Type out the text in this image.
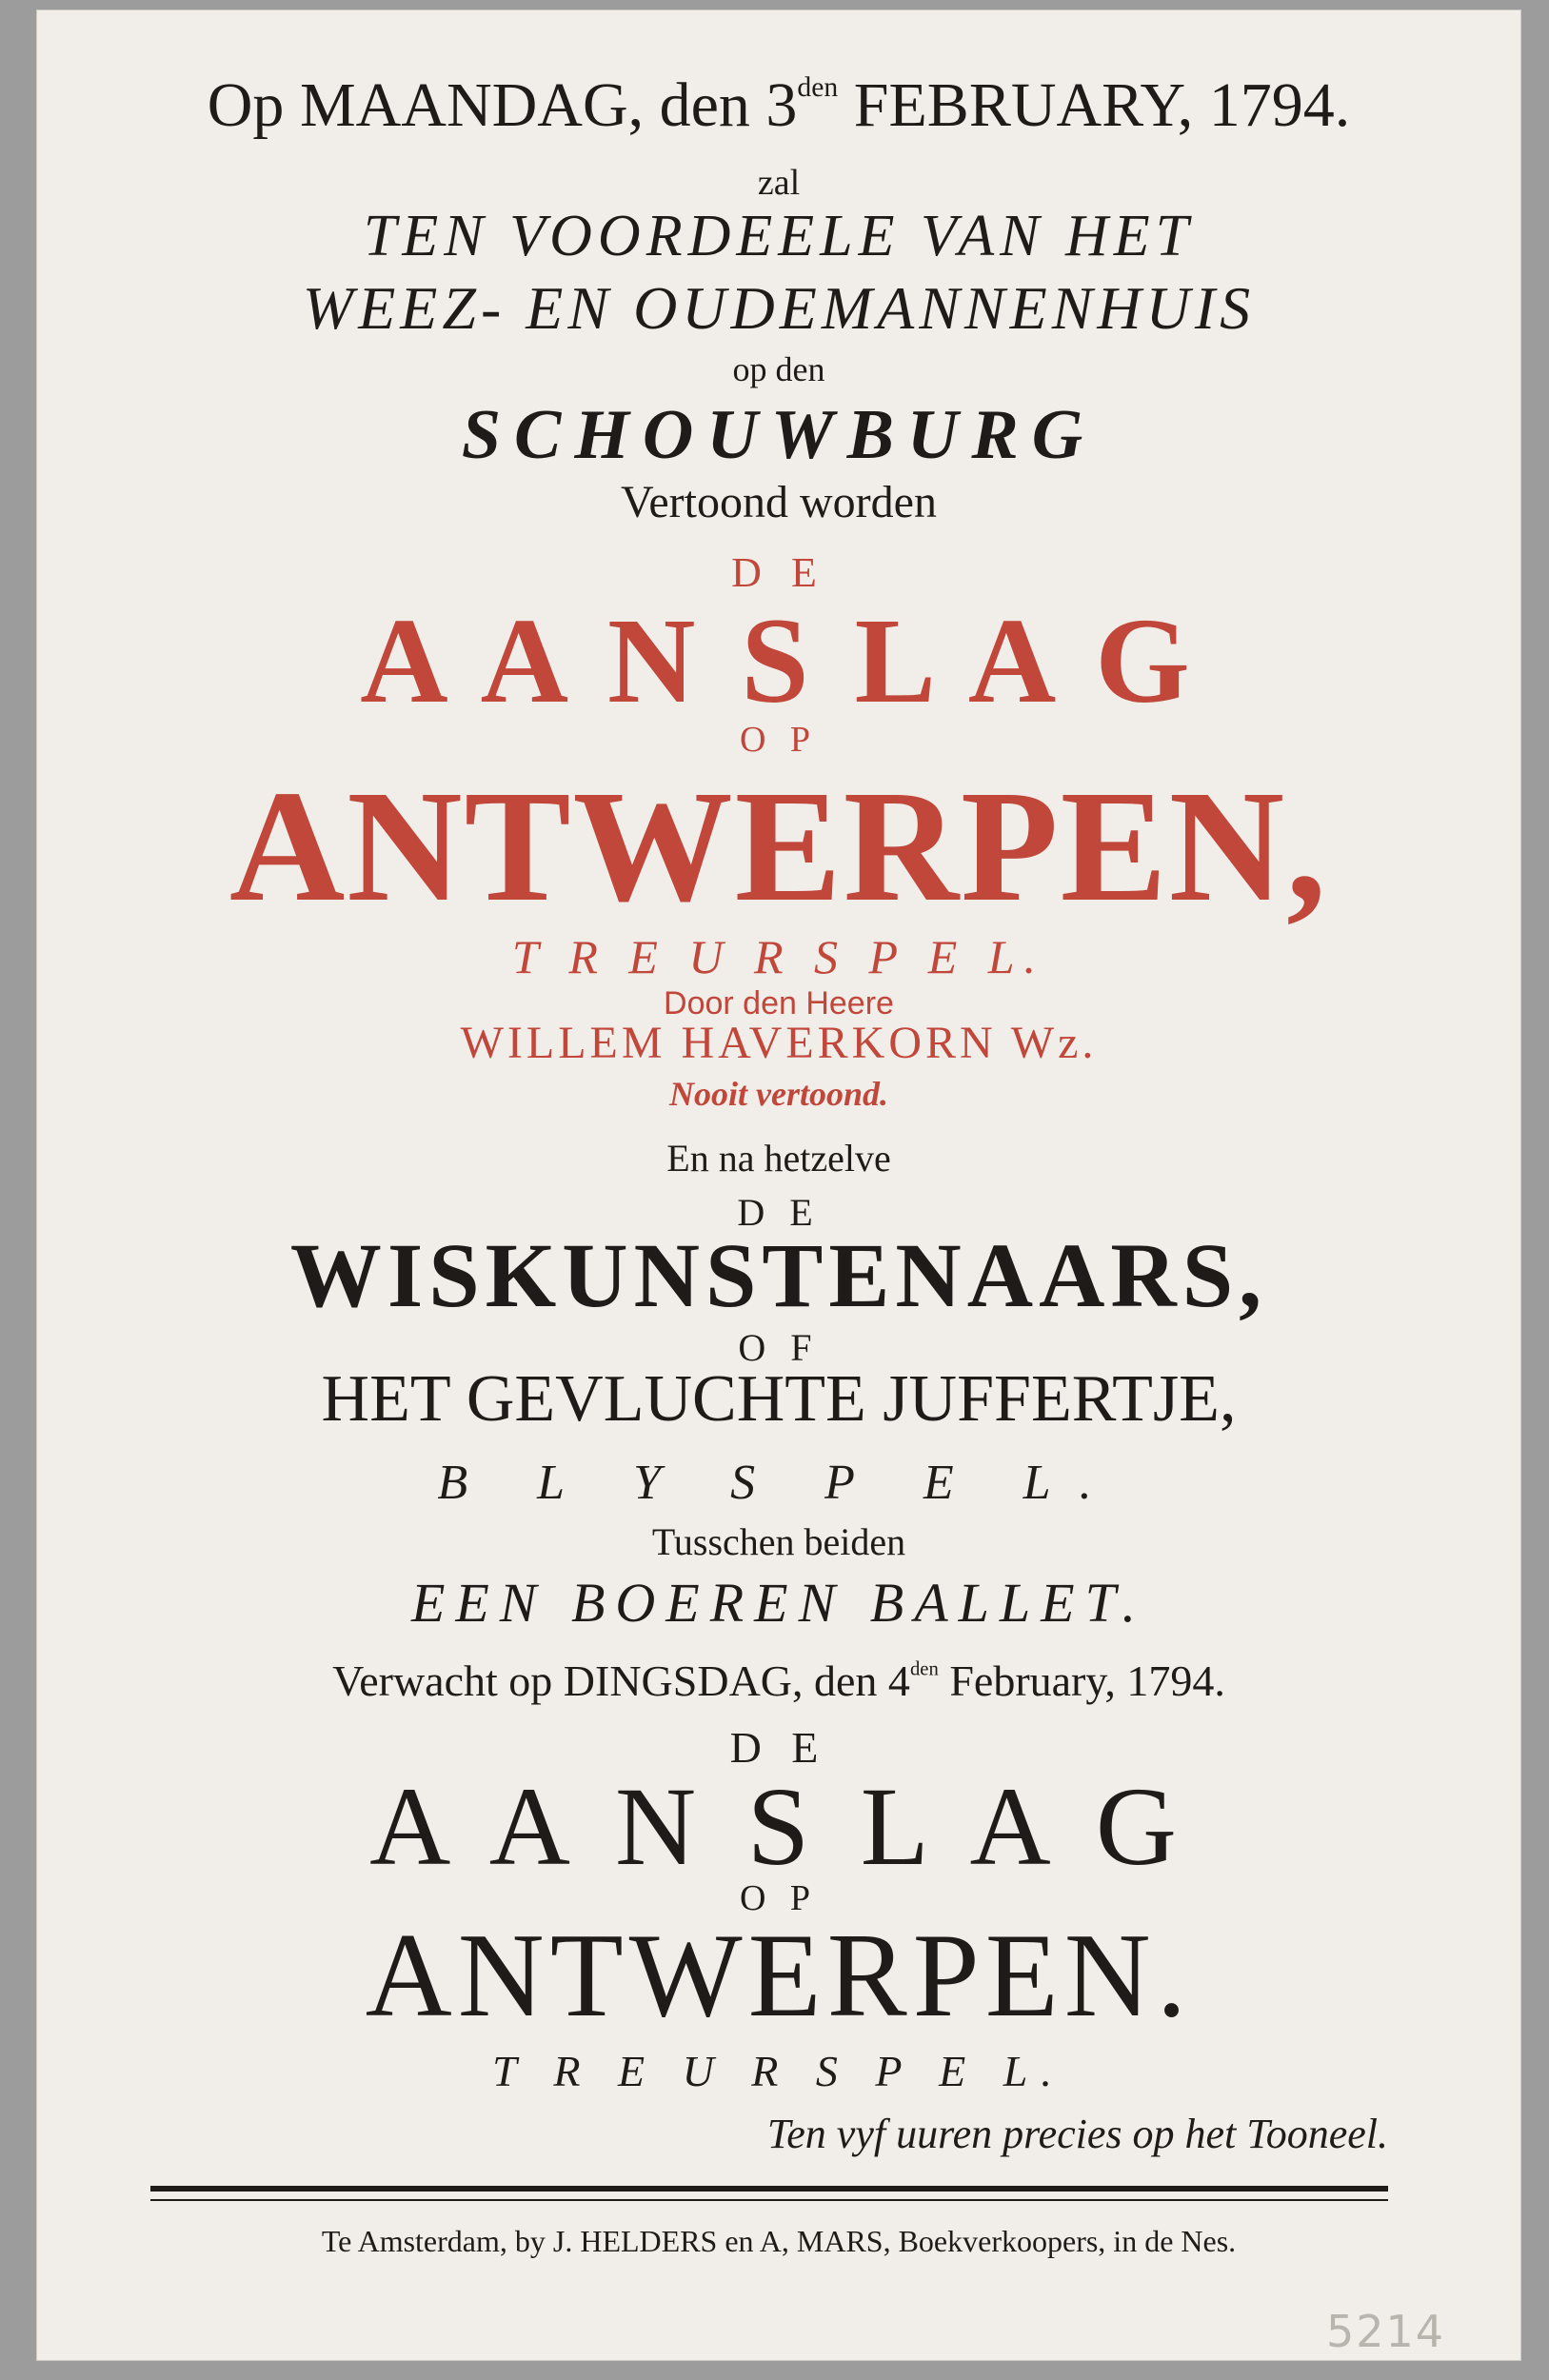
Op MAANDAG, den $3^{den}$ FEBRUARY, 1794.
zal
TEN VOORDEELE VAN HET
WEEZ- EN OUDEMANNENHUIS
op den
SCHOUWBURG
Vertoond worden
D E
A A N S L A G
O P
ANTWERPEN,
T R E U R S P E L.
Door den Heere
WILLEM HAVERKORN Wz.
Nooit vertoond.
En na hetzelve
D E
WISKUNSTENAARS,
O F
HET GEVLUCHTE JUFFERTJE,
B L Y S P E L.
Tusschen beiden
EEN BOEREN BALLET.
Verwacht op DINGSDAG, den $4^{den}$ February, 1794.
D E
A A N S L A G
O P
ANTWERPEN.
T R E U R S P E L.
Ten vyf uuren precies op het Tooneel.
Te Amsterdam, by J. HELDERS en A, MARS, Boekverkoopers, in de Nes.
5214
